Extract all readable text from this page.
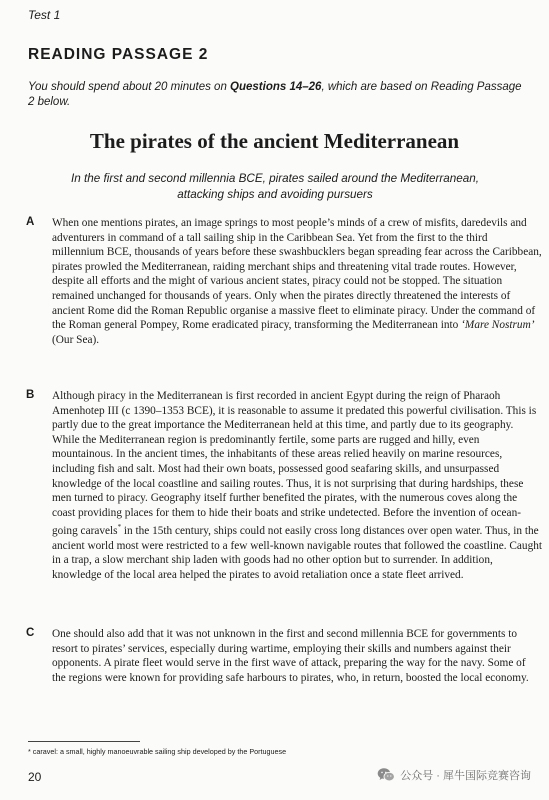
Test 1
READING PASSAGE 2
You should spend about 20 minutes on Questions 14–26, which are based on Reading Passage 2 below.
The pirates of the ancient Mediterranean
In the first and second millennia BCE, pirates sailed around the Mediterranean, attacking ships and avoiding pursuers
A When one mentions pirates, an image springs to most people’s minds of a crew of misfits, daredevils and adventurers in command of a tall sailing ship in the Caribbean Sea. Yet from the first to the third millennium BCE, thousands of years before these swashbucklers began spreading fear across the Caribbean, pirates prowled the Mediterranean, raiding merchant ships and threatening vital trade routes. However, despite all efforts and the might of various ancient states, piracy could not be stopped. The situation remained unchanged for thousands of years. Only when the pirates directly threatened the interests of ancient Rome did the Roman Republic organise a massive fleet to eliminate piracy. Under the command of the Roman general Pompey, Rome eradicated piracy, transforming the Mediterranean into ‘Mare Nostrum’ (Our Sea).
B Although piracy in the Mediterranean is first recorded in ancient Egypt during the reign of Pharaoh Amenhotep III (c 1390–1353 BCE), it is reasonable to assume it predated this powerful civilisation. This is partly due to the great importance the Mediterranean held at this time, and partly due to its geography. While the Mediterranean region is predominantly fertile, some parts are rugged and hilly, even mountainous. In the ancient times, the inhabitants of these areas relied heavily on marine resources, including fish and salt. Most had their own boats, possessed good seafaring skills, and unsurpassed knowledge of the local coastline and sailing routes. Thus, it is not surprising that during hardships, these men turned to piracy. Geography itself further benefited the pirates, with the numerous coves along the coast providing places for them to hide their boats and strike undetected. Before the invention of ocean-going caravels* in the 15th century, ships could not easily cross long distances over open water. Thus, in the ancient world most were restricted to a few well-known navigable routes that followed the coastline. Caught in a trap, a slow merchant ship laden with goods had no other option but to surrender. In addition, knowledge of the local area helped the pirates to avoid retaliation once a state fleet arrived.
C One should also add that it was not unknown in the first and second millennia BCE for governments to resort to pirates’ services, especially during wartime, employing their skills and numbers against their opponents. A pirate fleet would serve in the first wave of attack, preparing the way for the navy. Some of the regions were known for providing safe harbours to pirates, who, in return, boosted the local economy.
* caravel: a small, highly manoeuvrable sailing ship developed by the Portuguese
20	公众号 · 犀牛国际竞赛咨询
